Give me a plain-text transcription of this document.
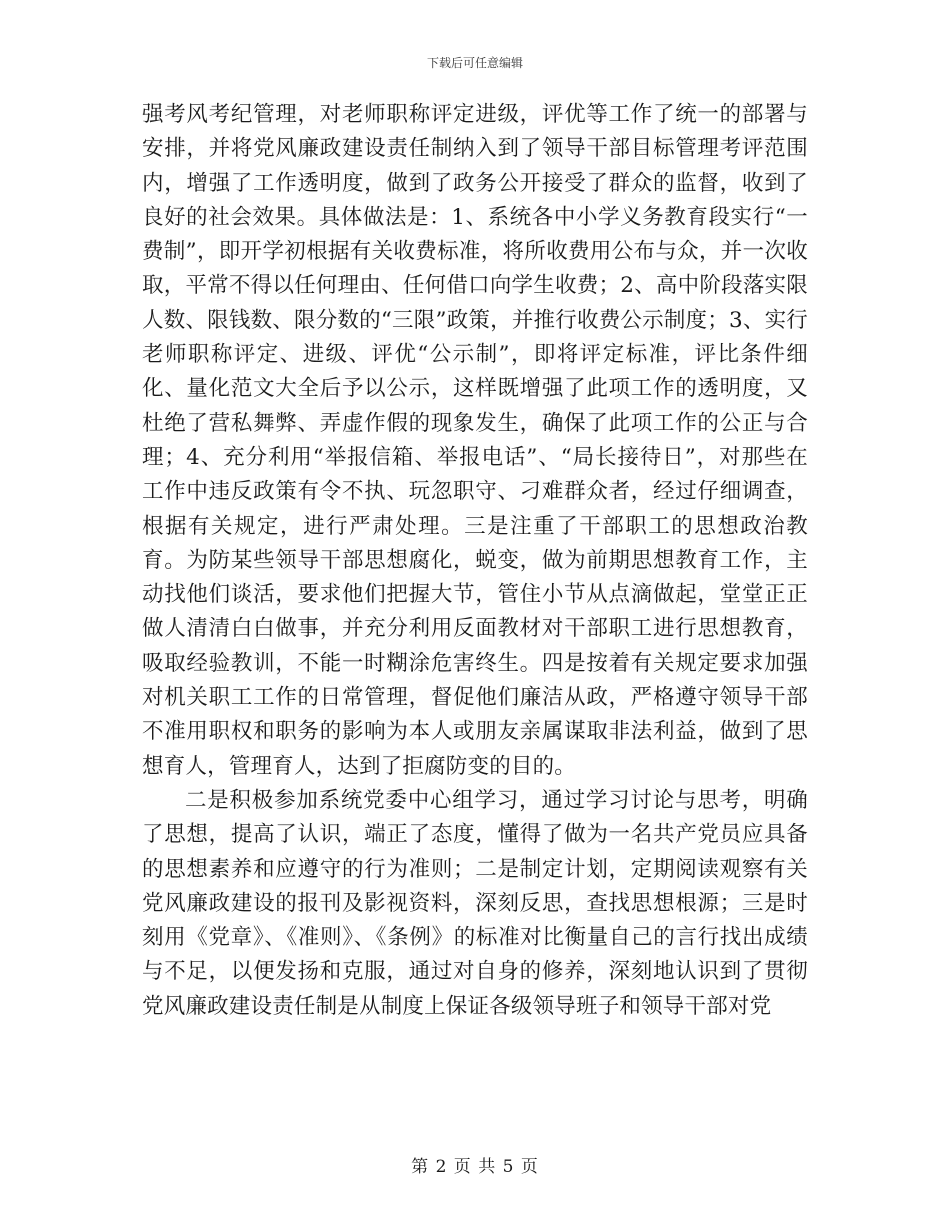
下载后可任意编辑

强考风考纪管理，对老师职称评定进级，评优等工作了统一的部署与安排，并将党风廉政建设责任制纳入到了领导干部目标管理考评范围内，增强了工作透明度，做到了政务公开接受了群众的监督，收到了良好的社会效果。具体做法是：1、系统各中小学义务教育段实行“一费制”，即开学初根据有关收费标准，将所收费用公布与众，并一次收取，平常不得以任何理由、任何借口向学生收费；2、高中阶段落实限人数、限钱数、限分数的“三限”政策，并推行收费公示制度；3、实行老师职称评定、进级、评优“公示制”，即将评定标准，评比条件细化、量化范文大全后予以公示，这样既增强了此项工作的透明度，又杜绝了营私舞弊、弄虚作假的现象发生，确保了此项工作的公正与合理；4、充分利用“举报信箱、举报电话”、“局长接待日”，对那些在工作中违反政策有令不执、玩忽职守、刁难群众者，经过仔细调查，根据有关规定，进行严肃处理。三是注重了干部职工的思想政治教育。为防某些领导干部思想腐化，蜕变，做为前期思想教育工作，主动找他们谈活，要求他们把握大节，管住小节从点滴做起，堂堂正正做人清清白白做事，并充分利用反面教材对干部职工进行思想教育，吸取经验教训，不能一时糊涂危害终生。四是按着有关规定要求加强对机关职工工作的日常管理，督促他们廉洁从政，严格遵守领导干部不准用职权和职务的影响为本人或朋友亲属谋取非法利益，做到了思想育人，管理育人，达到了拒腐防变的目的。

二是积极参加系统党委中心组学习，通过学习讨论与思考，明确了思想，提高了认识，端正了态度，懂得了做为一名共产党员应具备的思想素养和应遵守的行为准则；二是制定计划，定期阅读观察有关党风廉政建设的报刊及影视资料，深刻反思，查找思想根源；三是时刻用《党章》、《准则》、《条例》的标准对比衡量自己的言行找出成绩与不足，以便发扬和克服，通过对自身的修养，深刻地认识到了贯彻党风廉政建设责任制是从制度上保证各级领导班子和领导干部对党

第 2 页 共 5 页
